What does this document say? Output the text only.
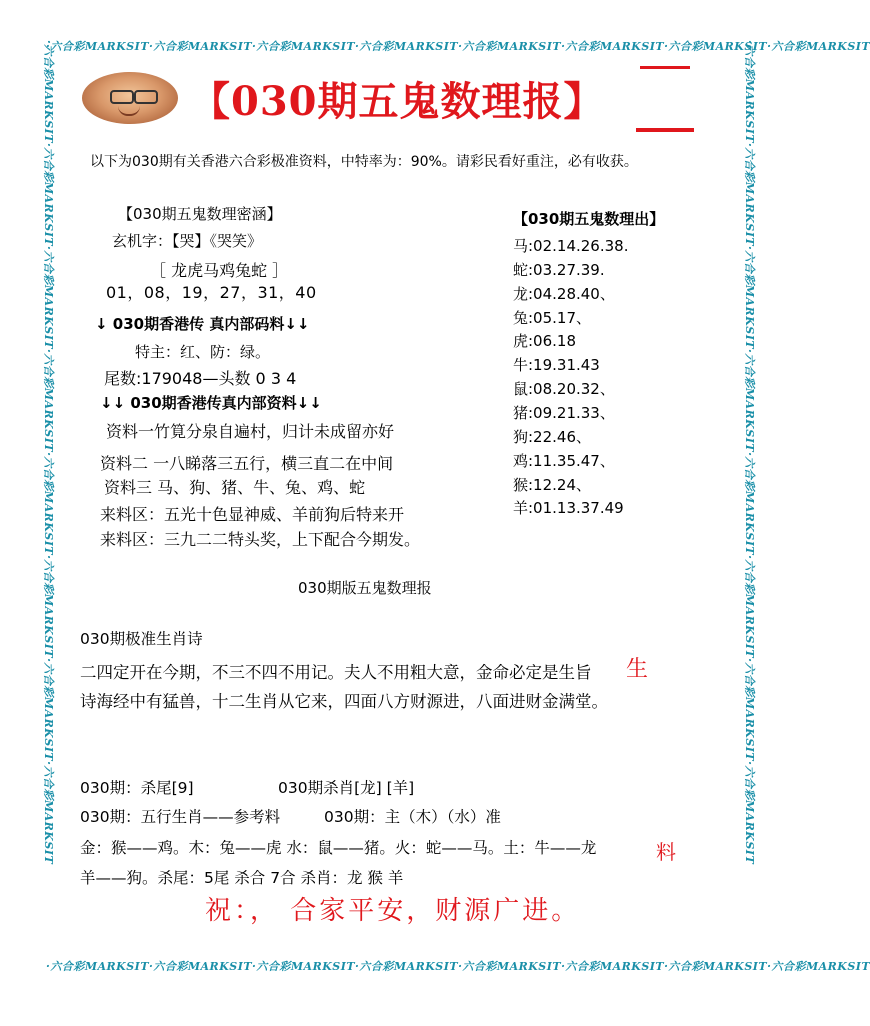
·六合彩MARKSIT·六合彩MARKSIT·六合彩MARKSIT·六合彩MARKSIT·六合彩MARKSIT·六合彩MARKSIT·六合彩MARKSIT·六合彩MARKSIT
·六合彩MARKSIT·六合彩MARKSIT·六合彩MARKSIT·六合彩MARKSIT·六合彩MARKSIT·六合彩MARKSIT·六合彩MARKSIT·六合彩MARKSIT
·六合彩MARKSIT·六合彩MARKSIT·六合彩MARKSIT·六合彩MARKSIT·六合彩MARKSIT·六合彩MARKSIT·六合彩MARKSIT·六合彩MARKSIT	·六合彩MARKSIT·六合彩MARKSIT·六合彩MARKSIT·六合彩MARKSIT·六合彩MARKSIT·六合彩MARKSIT·六合彩MARKSIT·六合彩MARKSIT
【030期五鬼数理报】
以下为030期有关香港六合彩极准资料，中特率为：90%。请彩民看好重注，必有收获。
【030期五鬼数理密涵】
玄机字：【哭】《哭笑》
［ 龙虎马鸡兔蛇 ］
01，08，19，27，31，40
↓ 030期香港传 真内部码料↓↓
特主：红、防：绿。
尾数:179048—头数 0 3 4
↓↓ 030期香港传真内部资料↓↓
资料一竹筧分泉自遍村，归计未成留亦好
资料二 一八睇落三五行，横三直二在中间
资料三 马、狗、猪、牛、兔、鸡、蛇
来料区：五光十色显神威、羊前狗后特来开
来料区：三九二二特头奖，上下配合今期发。
【030期五鬼数理出】
马:02.14.26.38.
蛇:03.27.39.
龙:04.28.40、
兔:05.17、
虎:06.18
牛:19.31.43
鼠:08.20.32、
猪:09.21.33、
狗:22.46、
鸡:11.35.47、
猴:12.24、
羊:01.13.37.49
030期版五鬼数理报
030期极准生肖诗
二四定开在今期，不三不四不用记。夫人不用粗大意，金命必定是生旨
诗海经中有猛兽，十二生肖从它来，四面八方财源进，八面进财金满堂。
030期：杀尾[9]	030期杀肖[龙] [羊]
030期：五行生肖——参考料	030期：主（木）（水）准
金：猴——鸡。木：兔——虎 水：鼠——猪。火：蛇——马。土：牛——龙
羊——狗。杀尾：5尾 杀合 7合 杀肖：龙 猴 羊
生
料
祝：， 合家平安，财源广进。
